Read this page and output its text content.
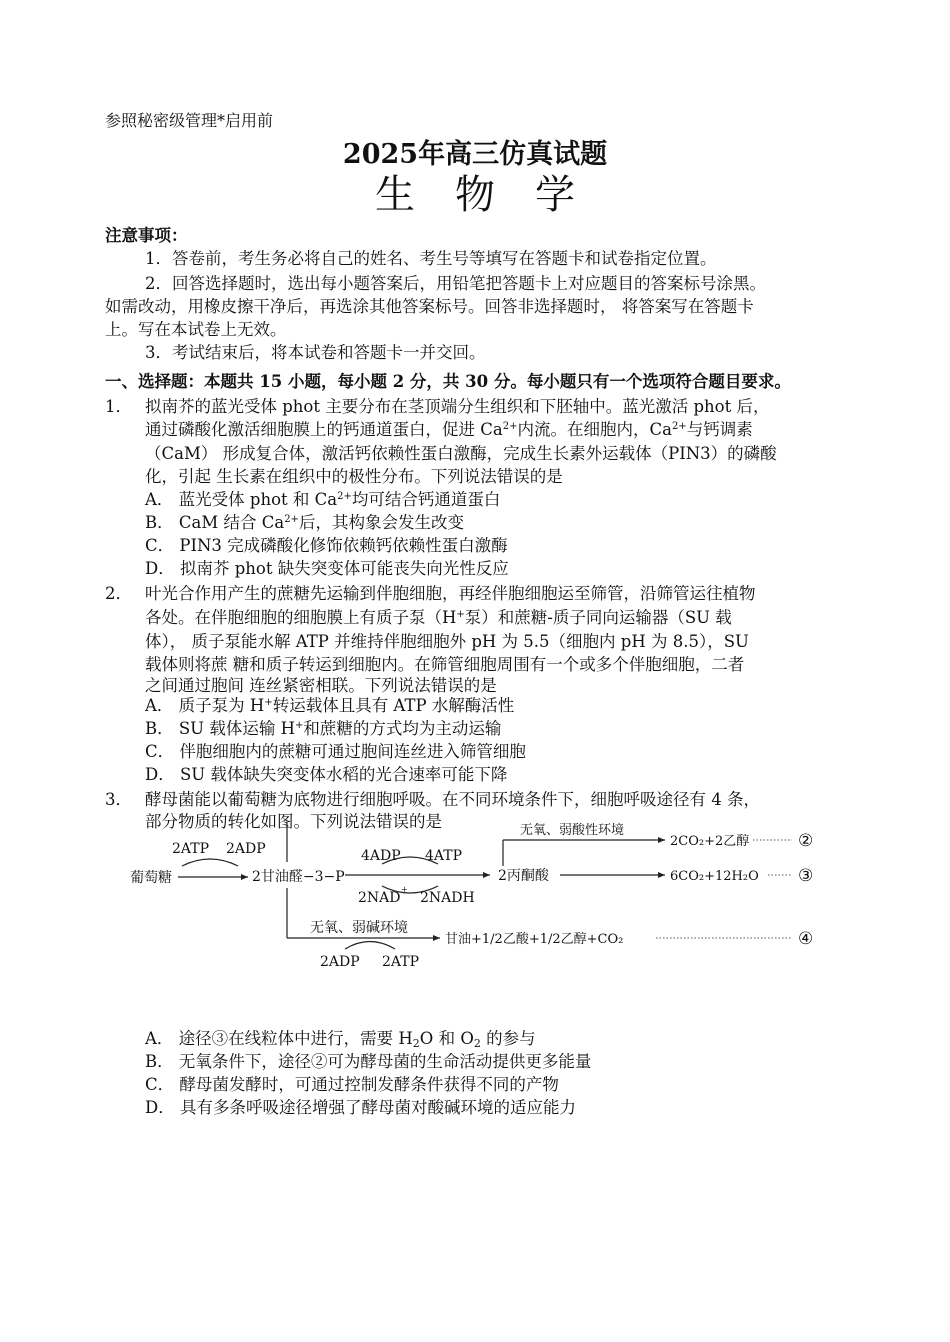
参照秘密级管理*启用前
2025年高三仿真试题
生物学
注意事项：
1．答卷前，考生务必将自己的姓名、考生号等填写在答题卡和试卷指定位置。
2．回答选择题时，选出每小题答案后，用铅笔把答题卡上对应题目的答案标号涂黑。
如需改动，用橡皮擦干净后，再选涂其他答案标号。回答非选择题时， 将答案写在答题卡
上。写在本试卷上无效。
3．考试结束后，将本试卷和答题卡一并交回。
一、选择题：本题共 15 小题，每小题 2 分，共 30 分。每小题只有一个选项符合题目要求。
1． 拟南芥的蓝光受体 phot 主要分布在茎顶端分生组织和下胚轴中。蓝光激活 phot 后，
通过磷酸化激活细胞膜上的钙通道蛋白，促进 $Ca^{2+}$内流。在细胞内，$Ca^{2+}$与钙调素
（CaM） 形成复合体，激活钙依赖性蛋白激酶，完成生长素外运载体（PIN3）的磷酸
化，引起 生长素在组织中的极性分布。下列说法错误的是
A． 蓝光受体 phot 和 $Ca^{2+}$均可结合钙通道蛋白
B． CaM 结合 $Ca^{2+}$后，其构象会发生改变
C． PIN3 完成磷酸化修饰依赖钙依赖性蛋白激酶
D． 拟南芥 phot 缺失突变体可能丧失向光性反应
2． 叶光合作用产生的蔗糖先运输到伴胞细胞，再经伴胞细胞运至筛管，沿筛管运往植物
各处。在伴胞细胞的细胞膜上有质子泵（H+泵）和蔗糖-质子同向运输器（SU 载
体）， 质子泵能水解 ATP 并维持伴胞细胞外 pH 为 5.5（细胞内 pH 为 8.5），SU
载体则将蔗 糖和质子转运到细胞内。在筛管细胞周围有一个或多个伴胞细胞，二者
之间通过胞间 连丝紧密相联。下列说法错误的是
A． 质子泵为 H+转运载体且具有 ATP 水解酶活性
B． SU 载体运输 H+和蔗糖的方式均为主动运输
C． 伴胞细胞内的蔗糖可通过胞间连丝进入筛管细胞
D． SU 载体缺失突变体水稻的光合速率可能下降
3． 酵母菌能以葡萄糖为底物进行细胞呼吸。在不同环境条件下，细胞呼吸途径有 4 条，
部分物质的转化如图。下列说法错误的是
葡萄糖
2ATP 2ADP
2甘油醛−3−P
4ADP 4ATP
2NAD
+
2NADH
2丙酮酸
无氧、弱酸性环境
2CO₂+2乙醇
6CO₂+12H₂O
无氧、弱碱环境
甘油+1/2乙酸+1/2乙醇+CO₂
2ADP 2ATP
②
③
④
A． 途径③在线粒体中进行，需要 $H_2O$ 和 $O_2$ 的参与
B． 无氧条件下，途径②可为酵母菌的生命活动提供更多能量
C． 酵母菌发酵时，可通过控制发酵条件获得不同的产物
D． 具有多条呼吸途径增强了酵母菌对酸碱环境的适应能力
